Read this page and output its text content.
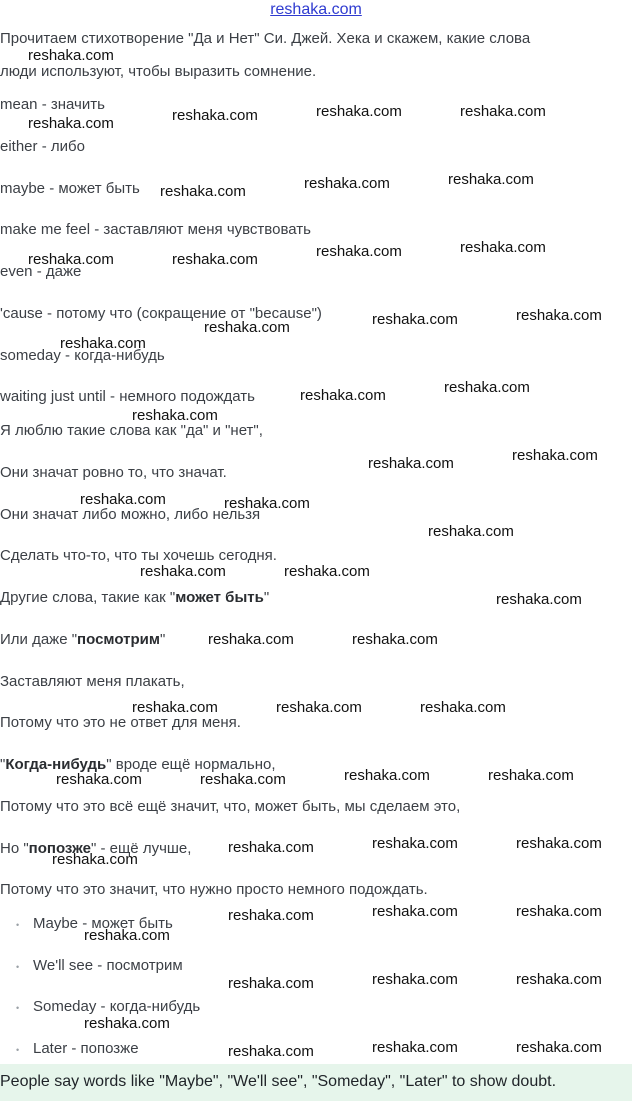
reshaka.com
Прочитаем стихотворение "Да и Нет" Си. Джей. Хека и скажем, какие слова
люди используют, чтобы выразить сомнение.
mean - значить
either - либо
maybe - может быть
make me feel - заставляют меня чувствовать
even - даже
'cause - потому что (сокращение от "because")
someday - когда-нибудь
waiting just until - немного подождать
Я люблю такие слова как "да" и "нет",
Они значат ровно то, что значат.
Они значат либо можно, либо нельзя
Сделать что-то, что ты хочешь сегодня.
Другие слова, такие как "может быть"
Или даже "посмотрим"
Заставляют меня плакать,
Потому что это не ответ для меня.
"Когда-нибудь" вроде ещё нормально,
Потому что это всё ещё значит, что, может быть, мы сделаем это,
Но "попозже" - ещё лучше,
Потому что это значит, что нужно просто немного подождать.
• Maybe - может быть
• We'll see - посмотрим
• Someday - когда-нибудь
• Later - попозже
reshaka.com
reshaka.com	reshaka.com	reshaka.com	reshaka.com
reshaka.com	reshaka.com	reshaka.com
reshaka.com	reshaka.com	reshaka.com	reshaka.com
reshaka.com	reshaka.com	reshaka.com
reshaka.com
reshaka.com	reshaka.com
reshaka.com
reshaka.com	reshaka.com
reshaka.com	reshaka.com
reshaka.com
reshaka.com	reshaka.com
reshaka.com
reshaka.com	reshaka.com
reshaka.com	reshaka.com	reshaka.com
reshaka.com	reshaka.com	reshaka.com	reshaka.com
reshaka.com	reshaka.com	reshaka.com
reshaka.com
reshaka.com	reshaka.com	reshaka.com
reshaka.com
reshaka.com	reshaka.com	reshaka.com
reshaka.com
reshaka.com	reshaka.com	reshaka.com
People say words like "Maybe", "We'll see", "Someday", "Later" to show doubt.
